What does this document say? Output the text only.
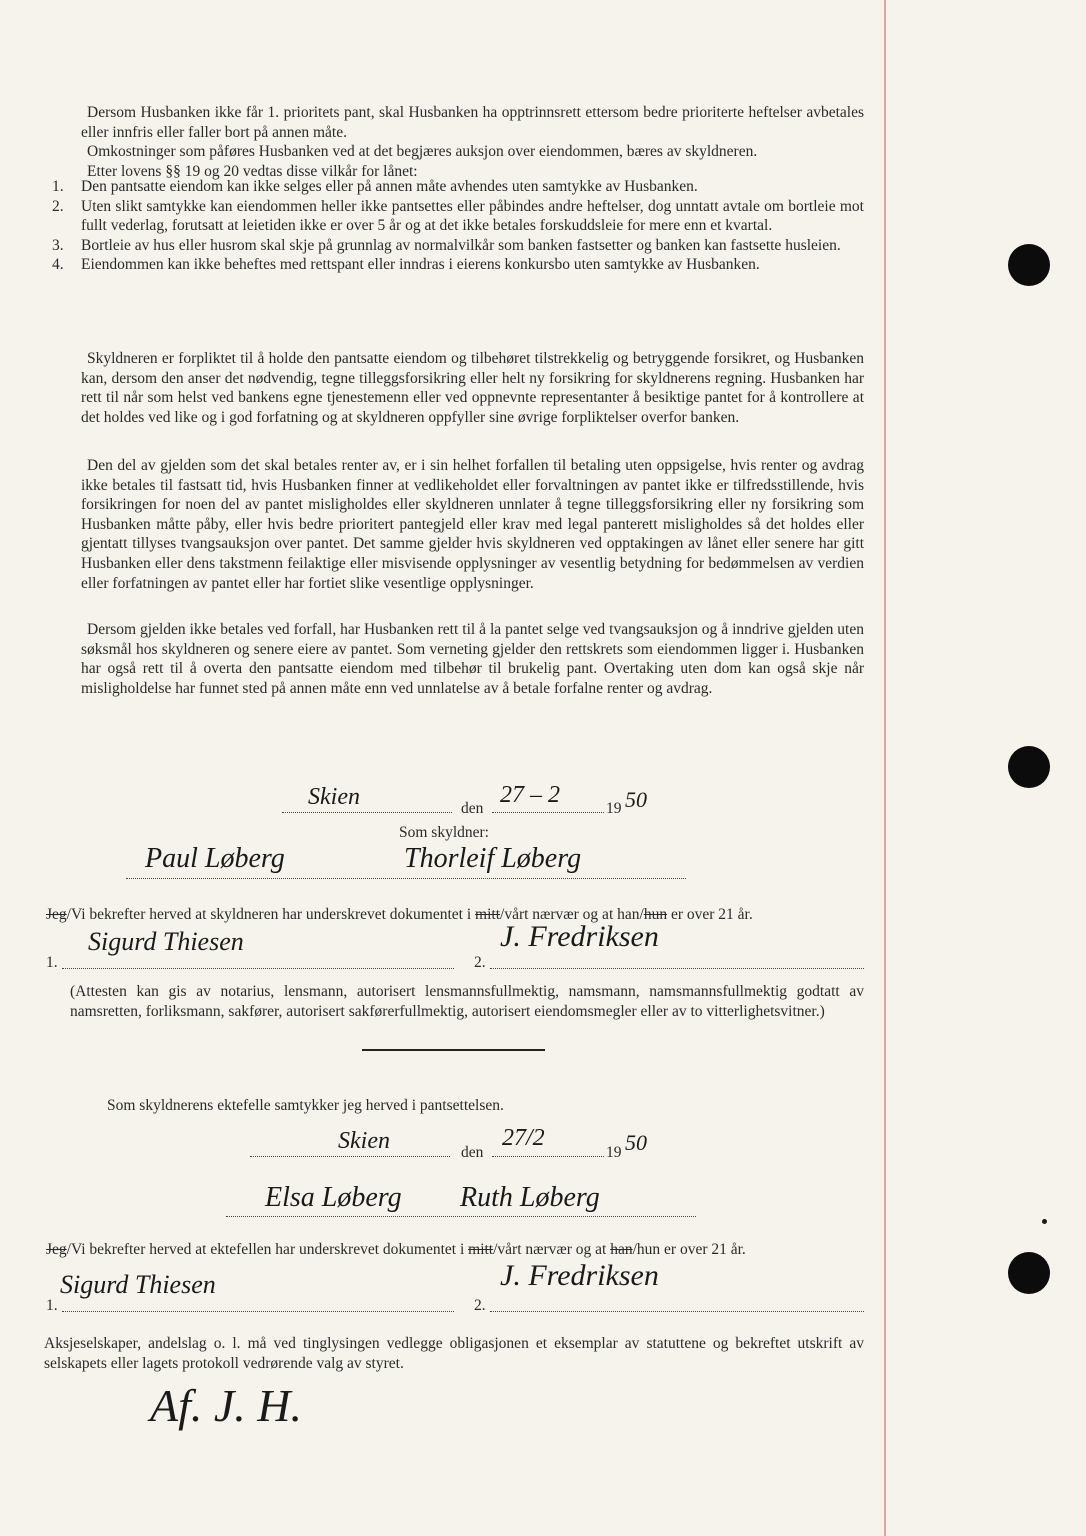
Dersom Husbanken ikke får 1. prioritets pant, skal Husbanken ha opptrinnsrett ettersom bedre prioriterte heftelser avbetales eller innfris eller faller bort på annen måte.

Omkostninger som påføres Husbanken ved at det begjæres auksjon over eiendommen, bæres av skyldneren.

Etter lovens §§ 19 og 20 vedtas disse vilkår for lånet:

1.	Den pantsatte eiendom kan ikke selges eller på annen måte avhendes uten samtykke av Husbanken.
2.	Uten slikt samtykke kan eiendommen heller ikke pantsettes eller påbindes andre heftelser, dog unntatt avtale om bortleie mot fullt vederlag, forutsatt at leietiden ikke er over 5 år og at det ikke betales forskuddsleie for mere enn et kvartal.
3.	Bortleie av hus eller husrom skal skje på grunnlag av normalvilkår som banken fastsetter og banken kan fastsette husleien.
4.	Eiendommen kan ikke beheftes med rettspant eller inndras i eierens konkursbo uten samtykke av Husbanken.

Skyldneren er forpliktet til å holde den pantsatte eiendom og tilbehøret tilstrekkelig og betryggende forsikret, og Husbanken kan, dersom den anser det nødvendig, tegne tilleggsforsikring eller helt ny forsikring for skyldnerens regning. Husbanken har rett til når som helst ved bankens egne tjenestemenn eller ved oppnevnte representanter å besiktige pantet for å kontrollere at det holdes ved like og i god forfatning og at skyldneren oppfyller sine øvrige forpliktelser overfor banken.

Den del av gjelden som det skal betales renter av, er i sin helhet forfallen til betaling uten oppsigelse, hvis renter og avdrag ikke betales til fastsatt tid, hvis Husbanken finner at vedlikeholdet eller forvaltningen av pantet ikke er tilfredsstillende, hvis forsikringen for noen del av pantet misligholdes eller skyldneren unnlater å tegne tilleggsforsikring eller ny forsikring som Husbanken måtte påby, eller hvis bedre prioritert pantegjeld eller krav med legal panterett misligholdes så det holdes eller gjentatt tillyses tvangsauksjon over pantet. Det samme gjelder hvis skyldneren ved opptakingen av lånet eller senere har gitt Husbanken eller dens takstmenn feilaktige eller misvisende opplysninger av vesentlig betydning for bedømmelsen av verdien eller forfatningen av pantet eller har fortiet slike vesentlige opplysninger.

Dersom gjelden ikke betales ved forfall, har Husbanken rett til å la pantet selge ved tvangsauksjon og å inndrive gjelden uten søksmål hos skyldneren og senere eiere av pantet. Som verneting gjelder den rettskrets som eiendommen ligger i. Husbanken har også rett til å overta den pantsatte eiendom med tilbehør til brukelig pant. Overtaking uten dom kan også skje når misligholdelse har funnet sted på annen måte enn ved unnlatelse av å betale forfalne renter og avdrag.

Skien	den
27 – 2
19 50
Som skyldner:
Paul Løberg	Thorleif Løberg
Jeg/Vi bekrefter herved at skyldneren har underskrevet dokumentet i mitt/vårt nærvær og at han/hun er over 21 år.
1.
Sigurd Thiesen
2.
J. Fredriksen

(Attesten kan gis av notarius, lensmann, autorisert lensmannsfullmektig, namsmann, namsmannsfullmektig godtatt av namsretten, forliksmann, sakfører, autorisert sakførerfullmektig, autorisert eiendomsmegler eller av to vitterlighetsvitner.)

Som skyldnerens ektefelle samtykker jeg herved i pantsettelsen.
Skien	den
27/2
19 50
Elsa Løberg Ruth Løberg
Jeg/Vi bekrefter herved at ektefellen har underskrevet dokumentet i mitt/vårt nærvær og at han/hun er over 21 år.
1.
Sigurd Thiesen
2.
J. Fredriksen

Aksjeselskaper, andelslag o. l. må ved tinglysingen vedlegge obligasjonen et eksemplar av statuttene og bekreftet utskrift av selskapets eller lagets protokoll vedrørende valg av styret.

Af. J. H.
